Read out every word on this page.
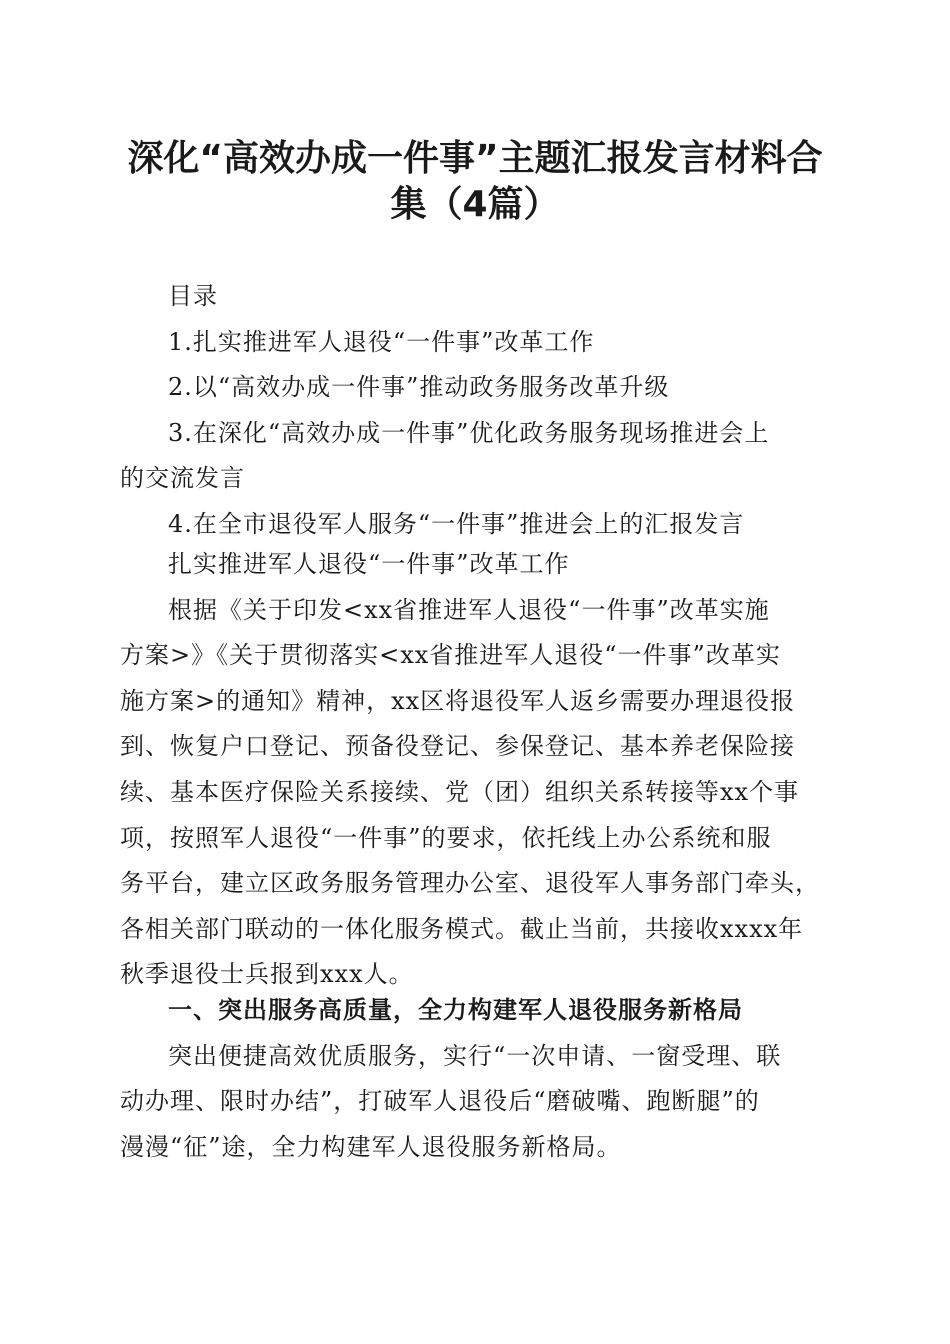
深化“高效办成一件事”主题汇报发言材料合
集（4篇）
目录
1.扎实推进军人退役“一件事”改革工作
2.以“高效办成一件事”推动政务服务改革升级
3.在深化“高效办成一件事”优化政务服务现场推进会上
的交流发言
4.在全市退役军人服务“一件事”推进会上的汇报发言
扎实推进军人退役“一件事”改革工作
根据《关于印发<xx省推进军人退役“一件事”改革实施
方案>》《关于贯彻落实<xx省推进军人退役“一件事”改革实
施方案>的通知》精神，xx区将退役军人返乡需要办理退役报
到、恢复户口登记、预备役登记、参保登记、基本养老保险接
续、基本医疗保险关系接续、党（团）组织关系转接等xx个事
项，按照军人退役“一件事”的要求，依托线上办公系统和服
务平台，建立区政务服务管理办公室、退役军人事务部门牵头，
各相关部门联动的一体化服务模式。截止当前，共接收xxxx年
秋季退役士兵报到xxx人。
一、突出服务高质量，全力构建军人退役服务新格局
突出便捷高效优质服务，实行“一次申请、一窗受理、联
动办理、限时办结”，打破军人退役后“磨破嘴、跑断腿”的
漫漫“征”途，全力构建军人退役服务新格局。
